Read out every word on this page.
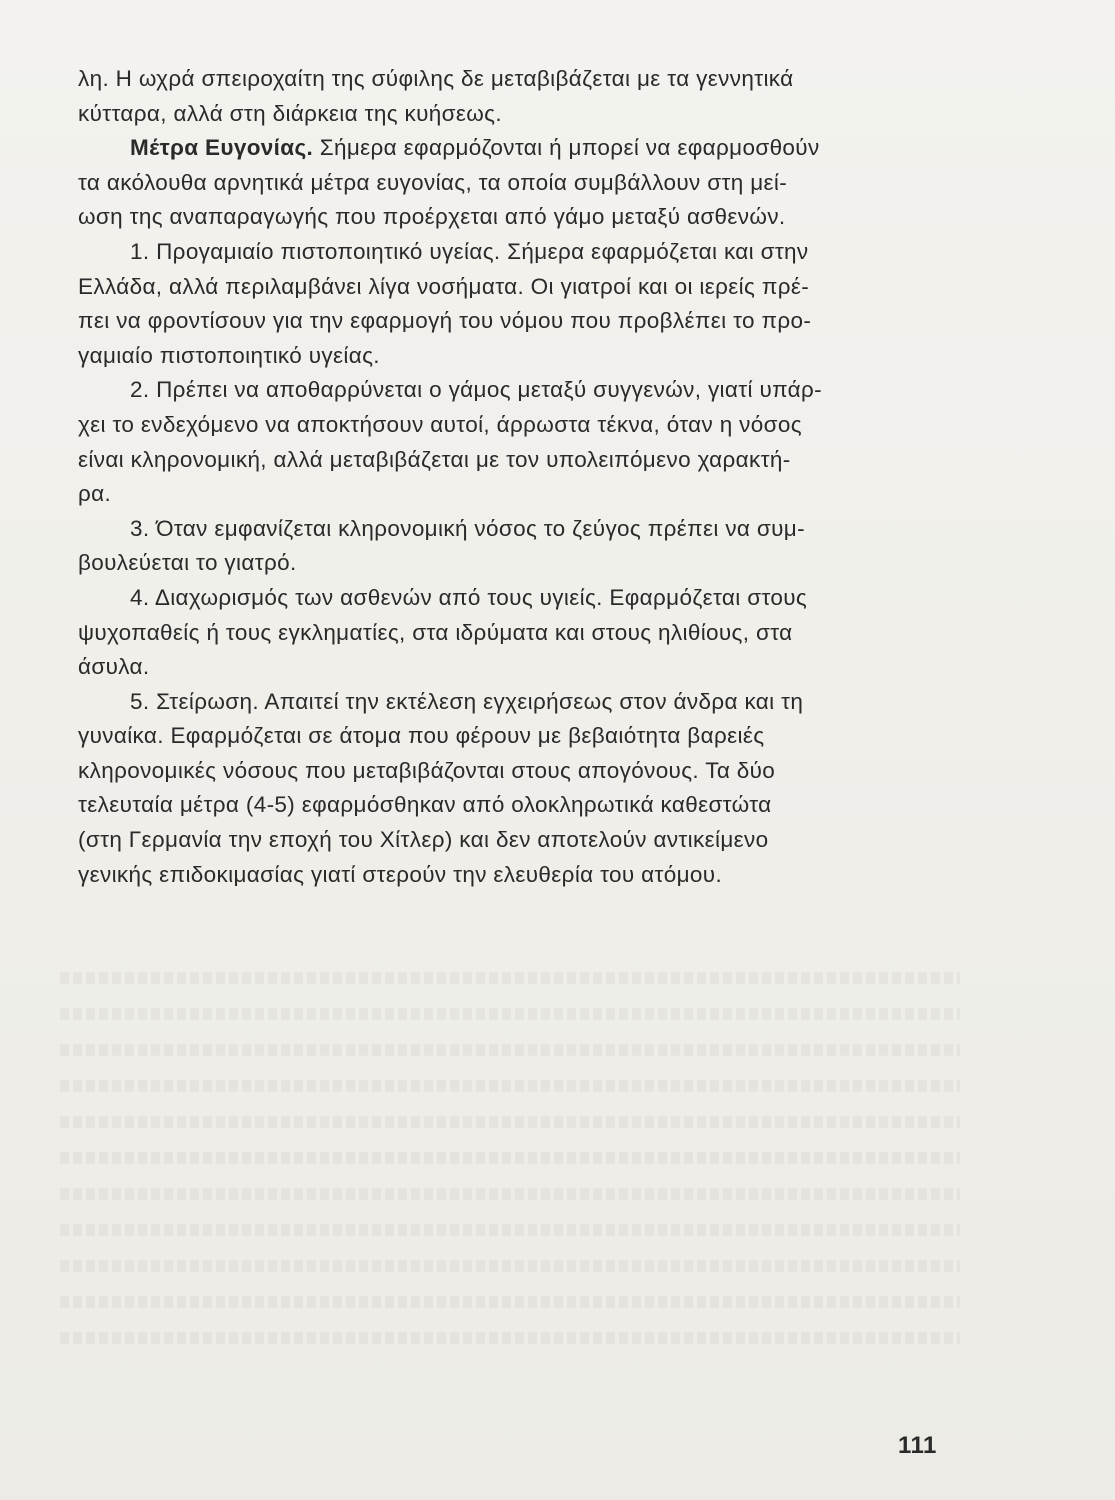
λη. Η ωχρά σπειροχαίτη της σύφιλης δε μεταβιβάζεται με τα γεννητικά
κύτταρα, αλλά στη διάρκεια της κυήσεως.
Μέτρα Ευγονίας. Σήμερα εφαρμόζονται ή μπορεί να εφαρμοσθούν
τα ακόλουθα αρνητικά μέτρα ευγονίας, τα οποία συμβάλλουν στη μεί-
ωση της αναπαραγωγής που προέρχεται από γάμο μεταξύ ασθενών.
1. Προγαμιαίο πιστοποιητικό υγείας. Σήμερα εφαρμόζεται και στην
Ελλάδα, αλλά περιλαμβάνει λίγα νοσήματα. Οι γιατροί και οι ιερείς πρέ-
πει να φροντίσουν για την εφαρμογή του νόμου που προβλέπει το προ-
γαμιαίο πιστοποιητικό υγείας.
2. Πρέπει να αποθαρρύνεται ο γάμος μεταξύ συγγενών, γιατί υπάρ-
χει το ενδεχόμενο να αποκτήσουν αυτοί, άρρωστα τέκνα, όταν η νόσος
είναι κληρονομική, αλλά μεταβιβάζεται με τον υπολειπόμενο χαρακτή-
ρα.
3. Όταν εμφανίζεται κληρονομική νόσος το ζεύγος πρέπει να συμ-
βουλεύεται το γιατρό.
4. Διαχωρισμός των ασθενών από τους υγιείς. Εφαρμόζεται στους
ψυχοπαθείς ή τους εγκληματίες, στα ιδρύματα και στους ηλιθίους, στα
άσυλα.
5. Στείρωση. Απαιτεί την εκτέλεση εγχειρήσεως στον άνδρα και τη
γυναίκα. Εφαρμόζεται σε άτομα που φέρουν με βεβαιότητα βαρειές
κληρονομικές νόσους που μεταβιβάζονται στους απογόνους. Τα δύο
τελευταία μέτρα (4-5) εφαρμόσθηκαν από ολοκληρωτικά καθεστώτα
(στη Γερμανία την εποχή του Χίτλερ) και δεν αποτελούν αντικείμενο
γενικής επιδοκιμασίας γιατί στερούν την ελευθερία του ατόμου.
111
